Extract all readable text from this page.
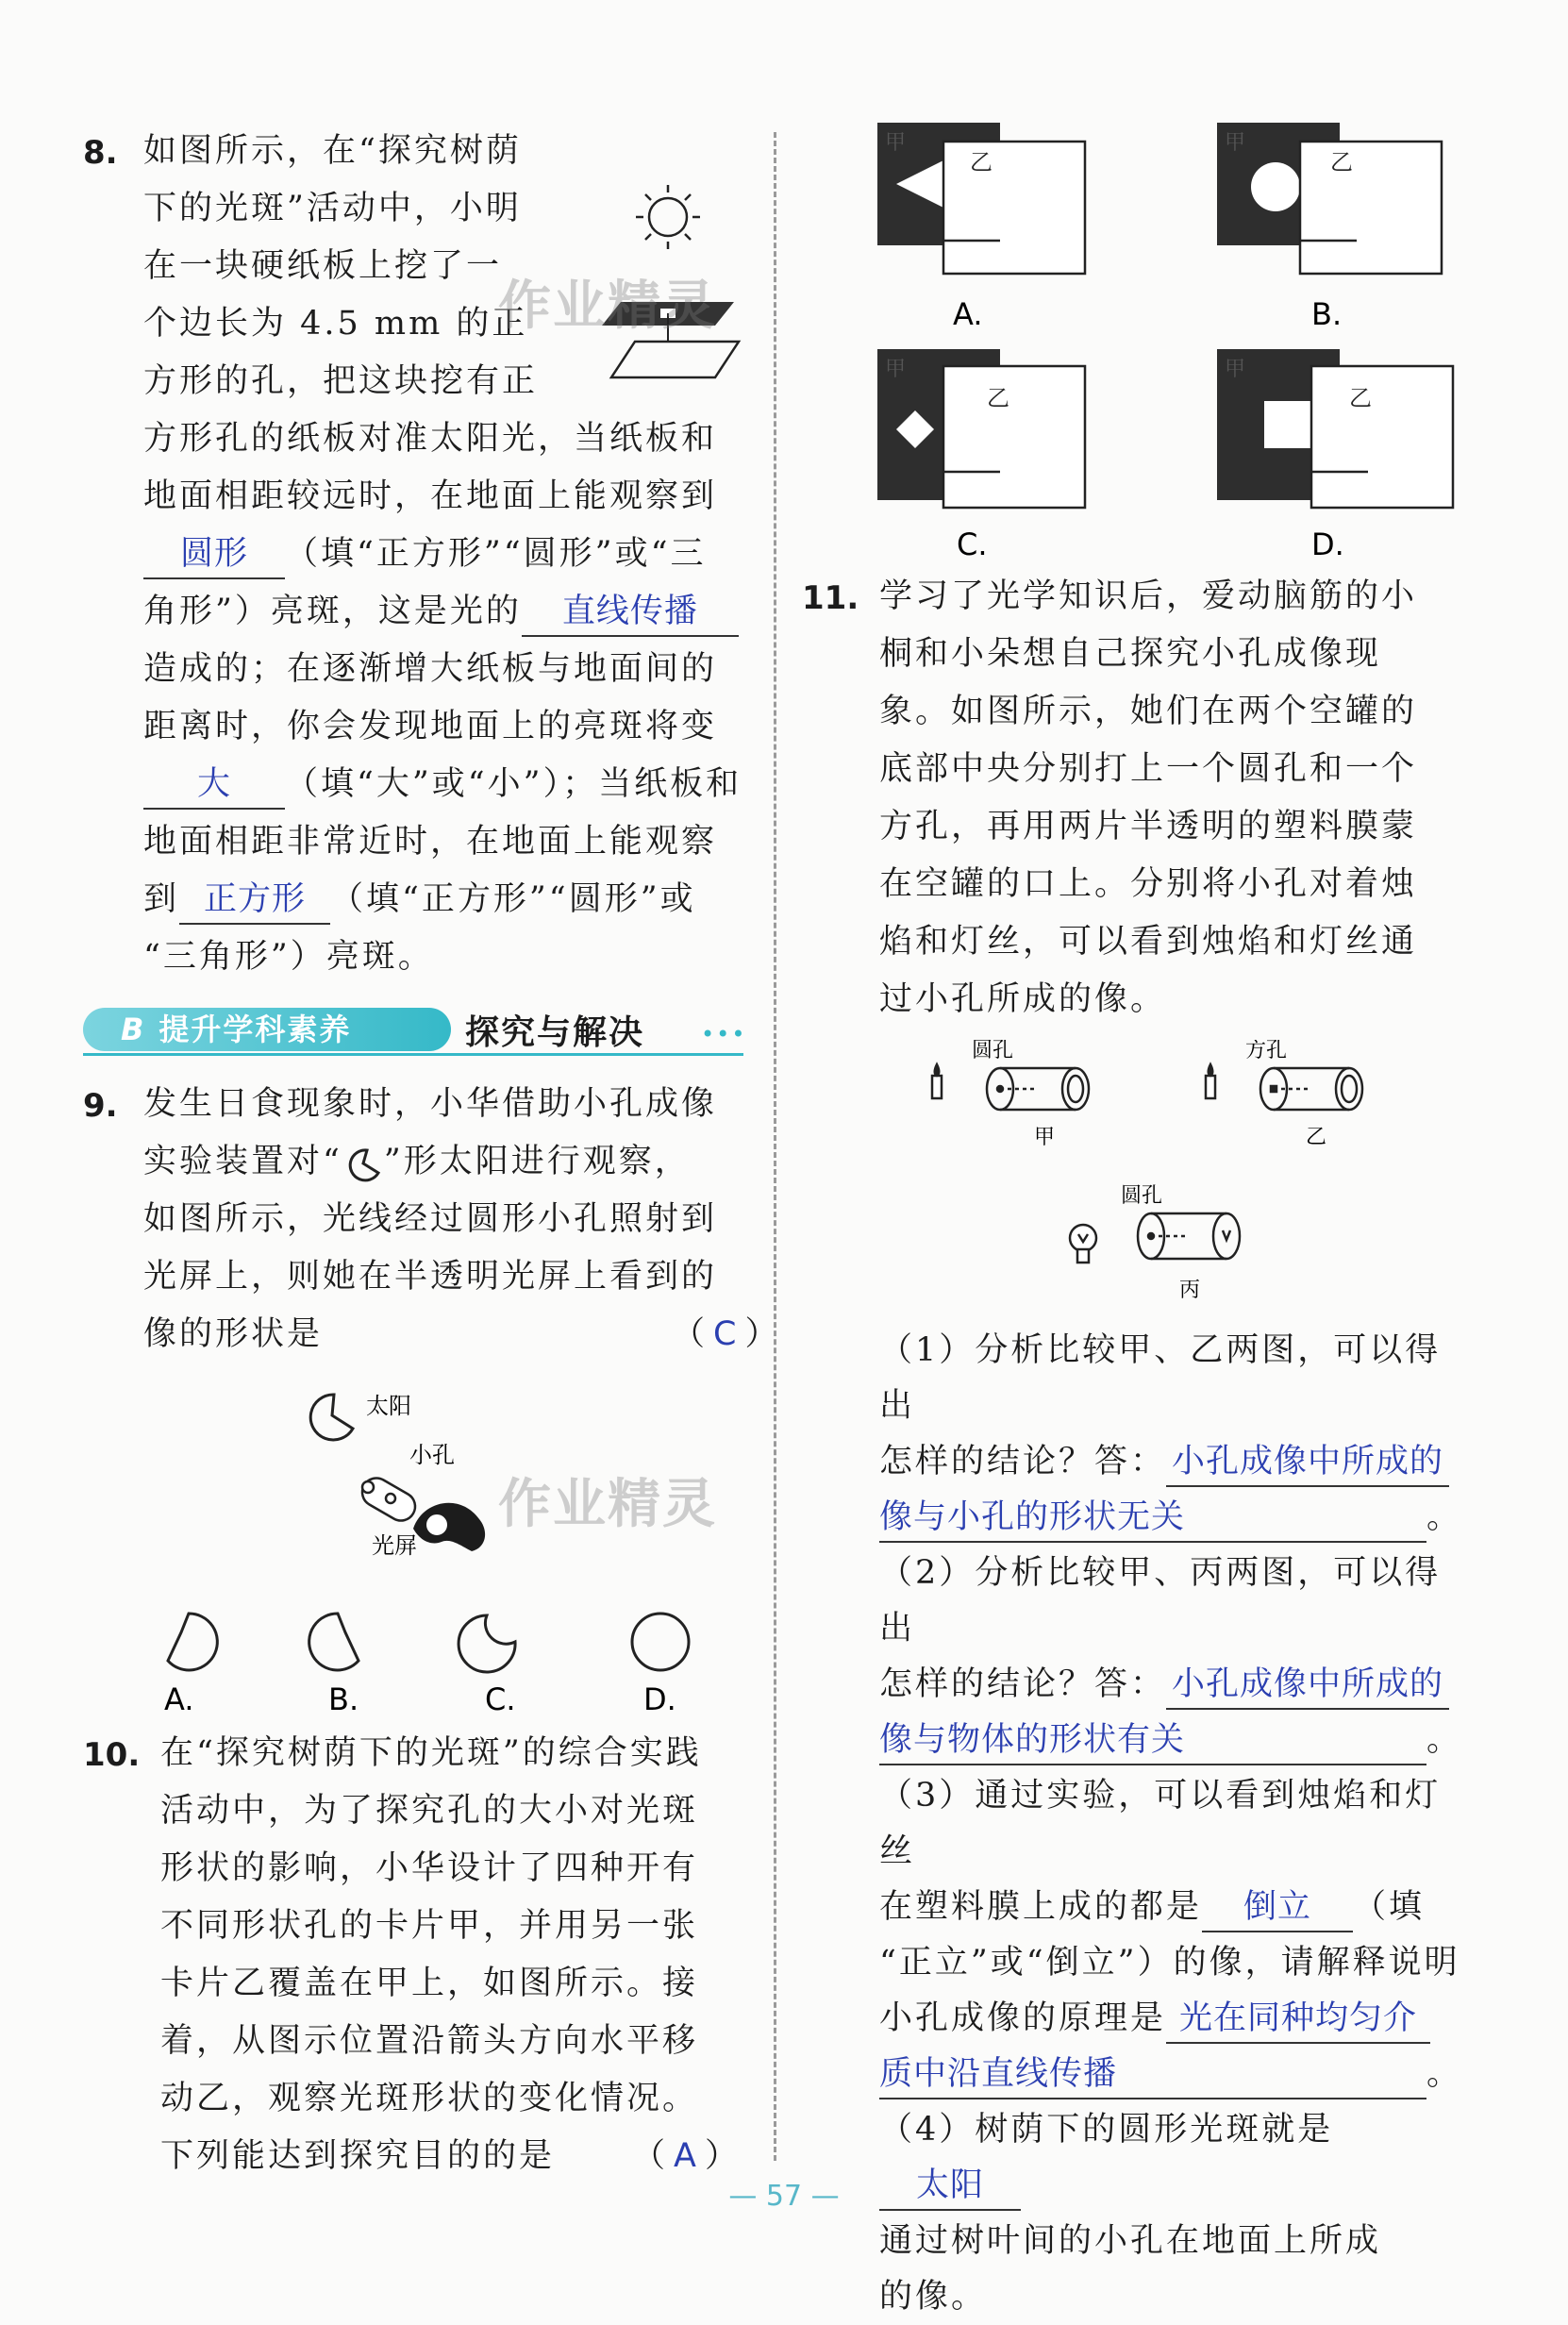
8. 如图所示，在“探究树荫
下的光斑”活动中，小明
在一块硬纸板上挖了一
个边长为 4.5 mm 的正
方形的孔，把这块挖有正
方形孔的纸板对准太阳光，当纸板和
地面相距较远时，在地面上能观察到
圆形 （填“正方形”“圆形”或“三
角形”）亮斑，这是光的 直线传播
造成的；在逐渐增大纸板与地面间的
距离时，你会发现地面上的亮斑将变
大 （填“大”或“小”）；当纸板和
地面相距非常近时，在地面上能观察
到 正方形 （填“正方形”“圆形”或
“三角形”）亮斑。
作业精灵
B 提升学科素养	探究与解决 •••
9. 发生日食现象时，小华借助小孔成像
实验装置对“ ”形太阳进行观察，
如图所示，光线经过圆形小孔照射到
光屏上，则她在半透明光屏上看到的
像的形状是	（ C ）
太阳
小孔
光屏
作业精灵
A.	B.	C.	D.
10. 在“探究树荫下的光斑”的综合实践
活动中，为了探究孔的大小对光斑
形状的影响，小华设计了四种开有
不同形状孔的卡片甲，并用另一张
卡片乙覆盖在甲上，如图所示。接
着，从图示位置沿箭头方向水平移
动乙，观察光斑形状的变化情况。
下列能达到探究目的的是 （ A ）
甲
乙
A.
甲
乙
B.
甲
乙
C.
甲
乙
D.
11. 学习了光学知识后，爱动脑筋的小
桐和小朵想自己探究小孔成像现
象。如图所示，她们在两个空罐的
底部中央分别打上一个圆孔和一个
方孔，再用两片半透明的塑料膜蒙
在空罐的口上。分别将小孔对着烛
焰和灯丝，可以看到烛焰和灯丝通
过小孔所成的像。
圆孔
甲
方孔
乙
圆孔
丙
（1）分析比较甲、乙两图，可以得出
怎样的结论？答： 小孔成像中所成的
像与小孔的形状无关	。
（2）分析比较甲、丙两图，可以得出
怎样的结论？答： 小孔成像中所成的
像与物体的形状有关	。
（3）通过实验，可以看到烛焰和灯丝
在塑料膜上成的都是 倒立 （填
“正立”或“倒立”）的像，请解释说明
小孔成像的原理是 光在同种均匀介
质中沿直线传播	。
（4）树荫下的圆形光斑就是太阳
通过树叶间的小孔在地面上所成
的像。
— 57 —
